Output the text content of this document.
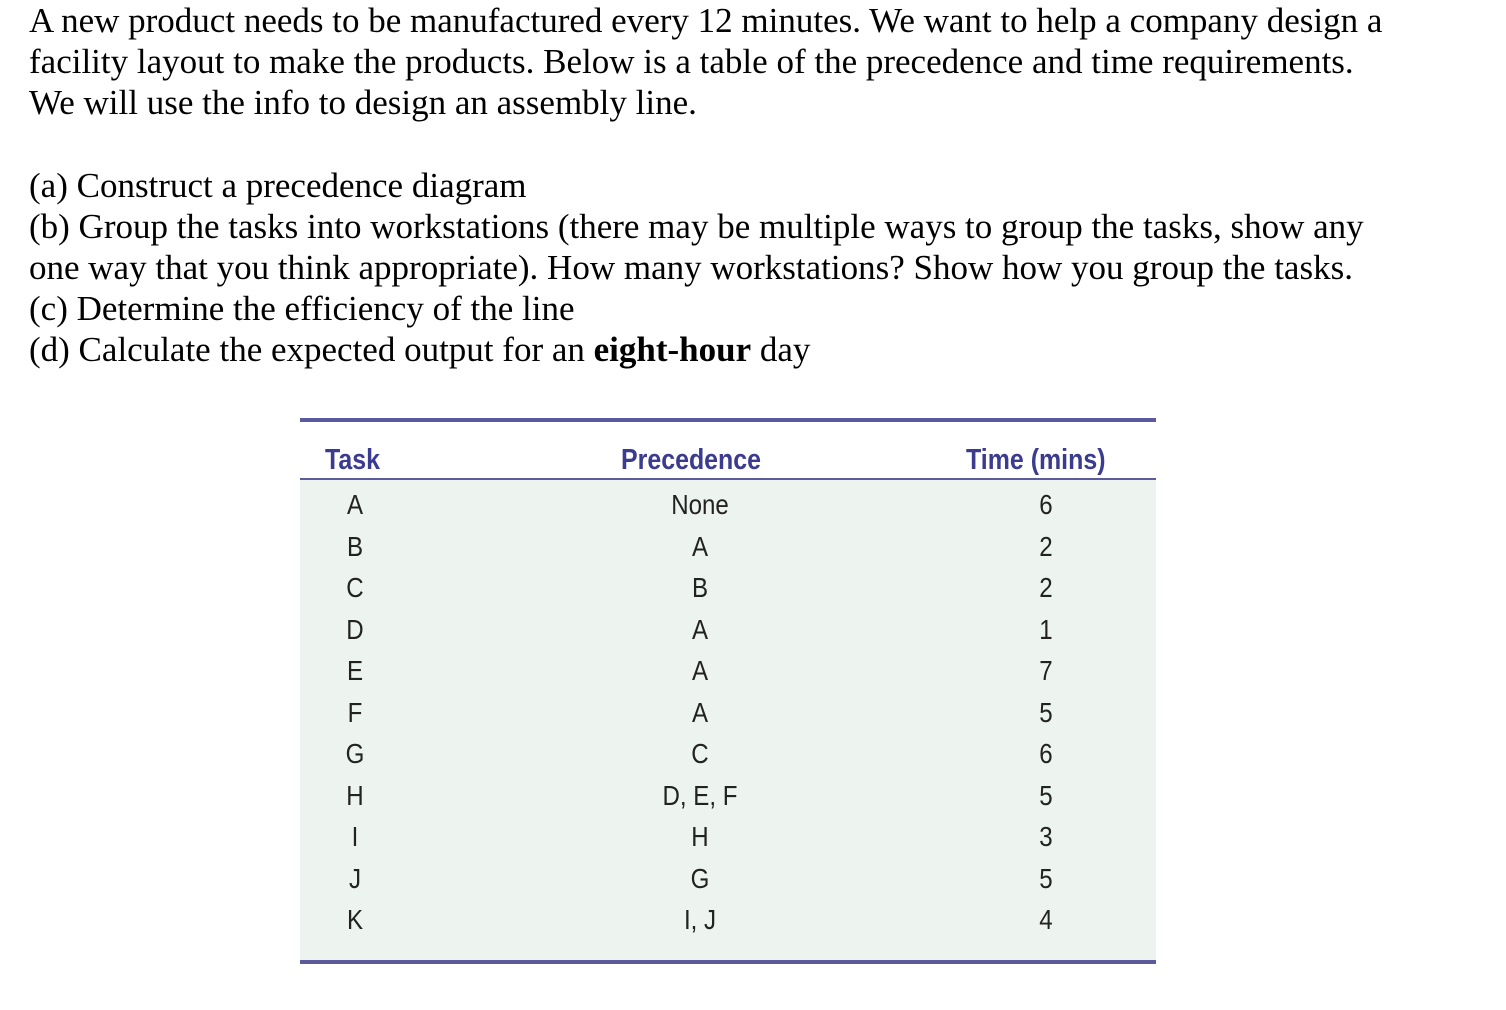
A new product needs to be manufactured every 12 minutes. We want to help a company design a
facility layout to make the products. Below is a table of the precedence and time requirements.
We will use the info to design an assembly line.

(a) Construct a precedence diagram

(b) Group the tasks into workstations (there may be multiple ways to group the tasks, show any
one way that you think appropriate). How many workstations? Show how you group the tasks.

(c) Determine the efficiency of the line

(d) Calculate the expected output for an eight-hour day

Task	Precedence	Time (mins)
A	None	6
B	A	2
C	B	2
D	A	1
E	A	7
F	A	5
G	C	6
H	D, E, F	5
I	H	3
J	G	5
K	I, J	4
